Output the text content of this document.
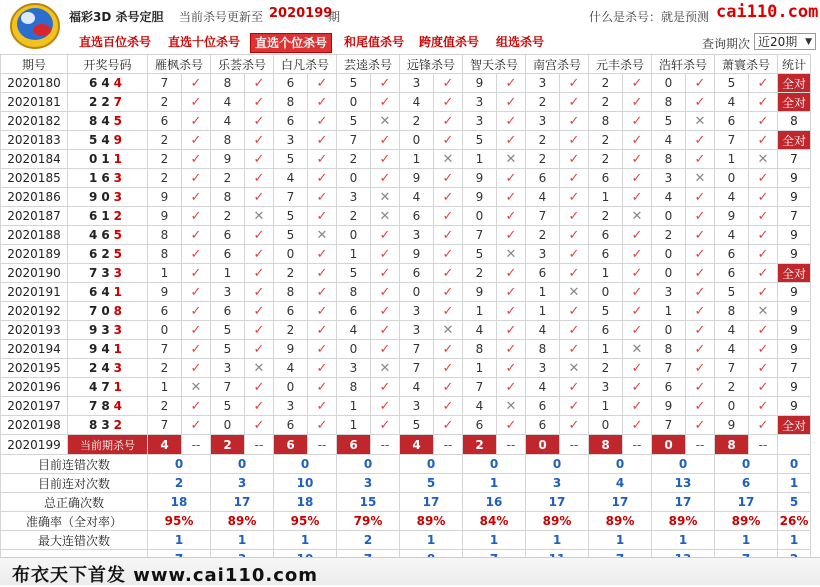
福彩3D 杀号定胆 当前杀号更新至 2020199
期	什么是杀号：就是预测 cai110.com
直选百位杀号 直选十位杀号	直选个位杀号	和尾值杀号 跨度值杀号 组选杀号	查询期次 近20期 ▼
期号	开奖号码	雁枫杀号		乐荟杀号		白凡杀号		芸逵杀号		远锋杀号		智天杀号		南宫杀号		元丰杀号		浩轩杀号		萧寰杀号		统计
2020180	644	7	✓	8	✓	6	✓	5	✓	3	✓	9	✓	3	✓	2	✓	0	✓	5	✓	全对
2020181	227	2	✓	4	✓	8	✓	0	✓	4	✓	3	✓	2	✓	2	✓	8	✓	4	✓	全对
2020182	845	6	✓	4	✓	6	✓	5	✕	2	✓	3	✓	3	✓	8	✓	5	✕	6	✓	8
2020183	549	2	✓	8	✓	3	✓	7	✓	0	✓	5	✓	2	✓	2	✓	4	✓	7	✓	全对
2020184	011	2	✓	9	✓	5	✓	2	✓	1	✕	1	✕	2	✓	2	✓	8	✓	1	✕	7
2020185	163	2	✓	2	✓	4	✓	0	✓	9	✓	9	✓	6	✓	6	✓	3	✕	0	✓	9
2020186	903	9	✓	8	✓	7	✓	3	✕	4	✓	9	✓	4	✓	1	✓	4	✓	4	✓	9
2020187	612	9	✓	2	✕	5	✓	2	✕	6	✓	0	✓	7	✓	2	✕	0	✓	9	✓	7
2020188	465	8	✓	6	✓	5	✕	0	✓	3	✓	7	✓	2	✓	6	✓	2	✓	4	✓	9
2020189	625	8	✓	6	✓	0	✓	1	✓	9	✓	5	✕	3	✓	6	✓	0	✓	6	✓	9
2020190	733	1	✓	1	✓	2	✓	5	✓	6	✓	2	✓	6	✓	1	✓	0	✓	6	✓	全对
2020191	641	9	✓	3	✓	8	✓	8	✓	0	✓	9	✓	1	✕	0	✓	3	✓	5	✓	9
2020192	708	6	✓	6	✓	6	✓	6	✓	3	✓	1	✓	1	✓	5	✓	1	✓	8	✕	9
2020193	933	0	✓	5	✓	2	✓	4	✓	3	✕	4	✓	4	✓	6	✓	0	✓	4	✓	9
2020194	941	7	✓	5	✓	9	✓	0	✓	7	✓	8	✓	8	✓	1	✕	8	✓	4	✓	9
2020195	243	2	✓	3	✕	4	✓	3	✕	7	✓	1	✓	3	✕	2	✓	7	✓	7	✓	7
2020196	471	1	✕	7	✓	0	✓	8	✓	4	✓	7	✓	4	✓	3	✓	6	✓	2	✓	9
2020197	784	2	✓	5	✓	3	✓	1	✓	3	✓	4	✕	6	✓	1	✓	9	✓	0	✓	9
2020198	832	7	✓	0	✓	6	✓	1	✓	5	✓	6	✓	6	✓	0	✓	7	✓	9	✓	全对
2020199	当前期杀号	4	--	2	--	6	--	6	--	4	--	2	--	0	--	8	--	0	--	8	--	
目前连错次数		0		0		0		0		0		0		0		0		0		0		0
目前连对次数		2		3		10		3		5		1		3		4		13		6		1
总正确次数		18		17		18		15		17		16		17		17		17		17		5
准确率（全对率）		95%		89%		95%		79%		89%		84%		89%		89%		89%		89%		26%
最大连错次数		1		1		1		2		1		1		1		1		1		1		1

布衣天下首发 www.cai110.com
